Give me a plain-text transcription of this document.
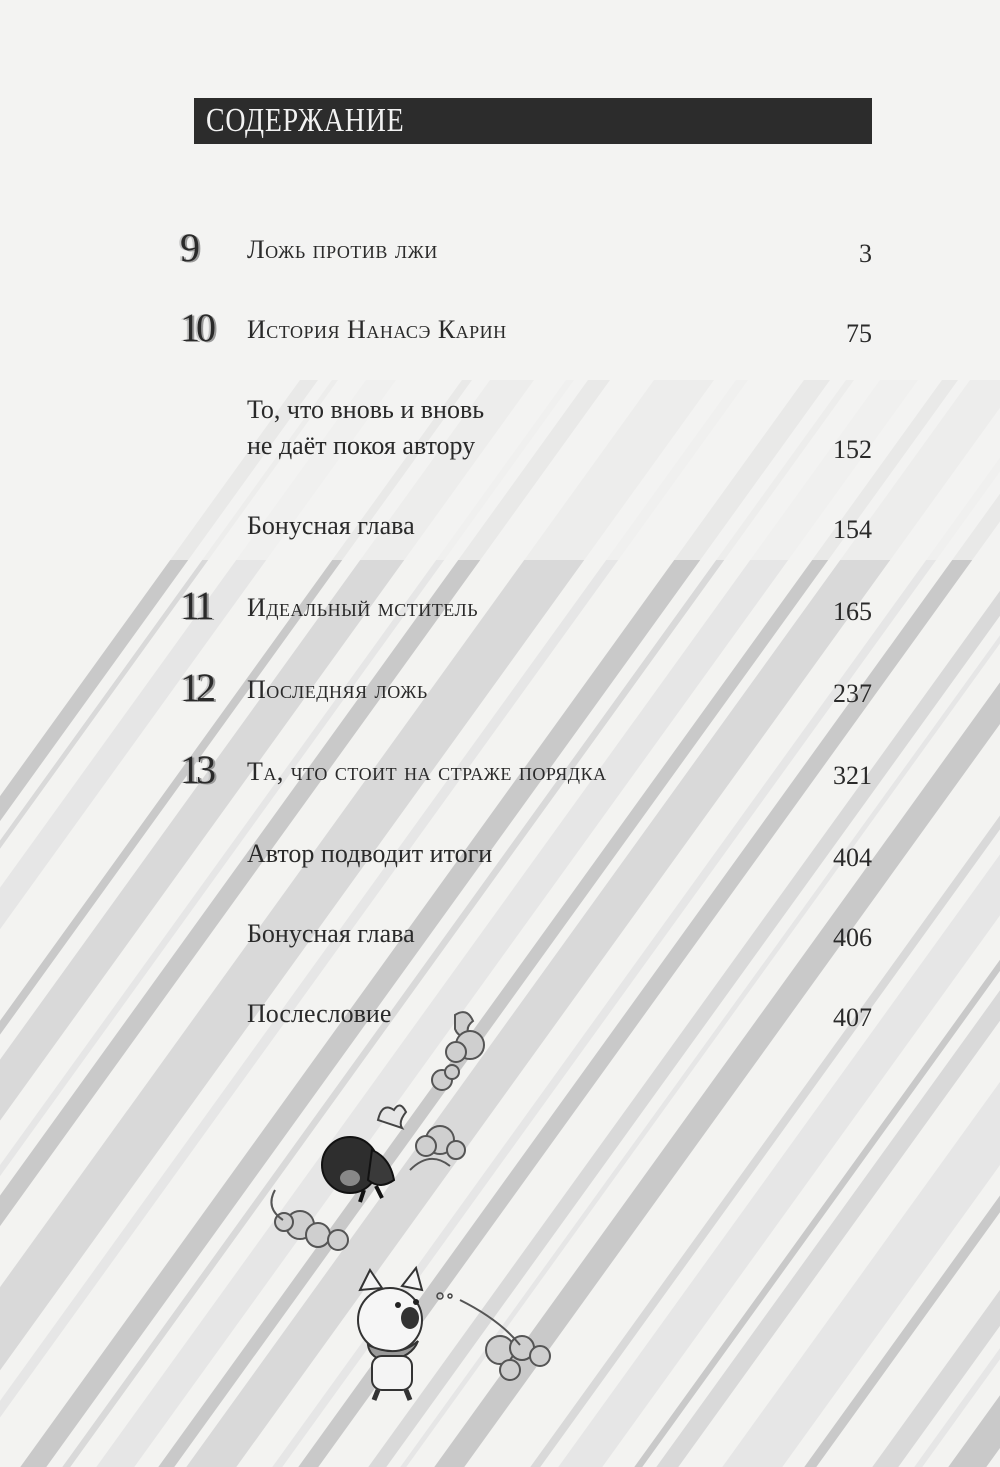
СОДЕРЖАНИЕ
9	Ложь против лжи	3
10	История Нанасэ Карин	75
То, что вновь и вновь
не даёт покоя автору	152
Бонусная глава	154
11	Идеальный мститель	165
12	Последняя ложь	237
13	Та, что стоит на страже порядка	321
Автор подводит итоги	404
Бонусная глава	406
Послесловие	407
